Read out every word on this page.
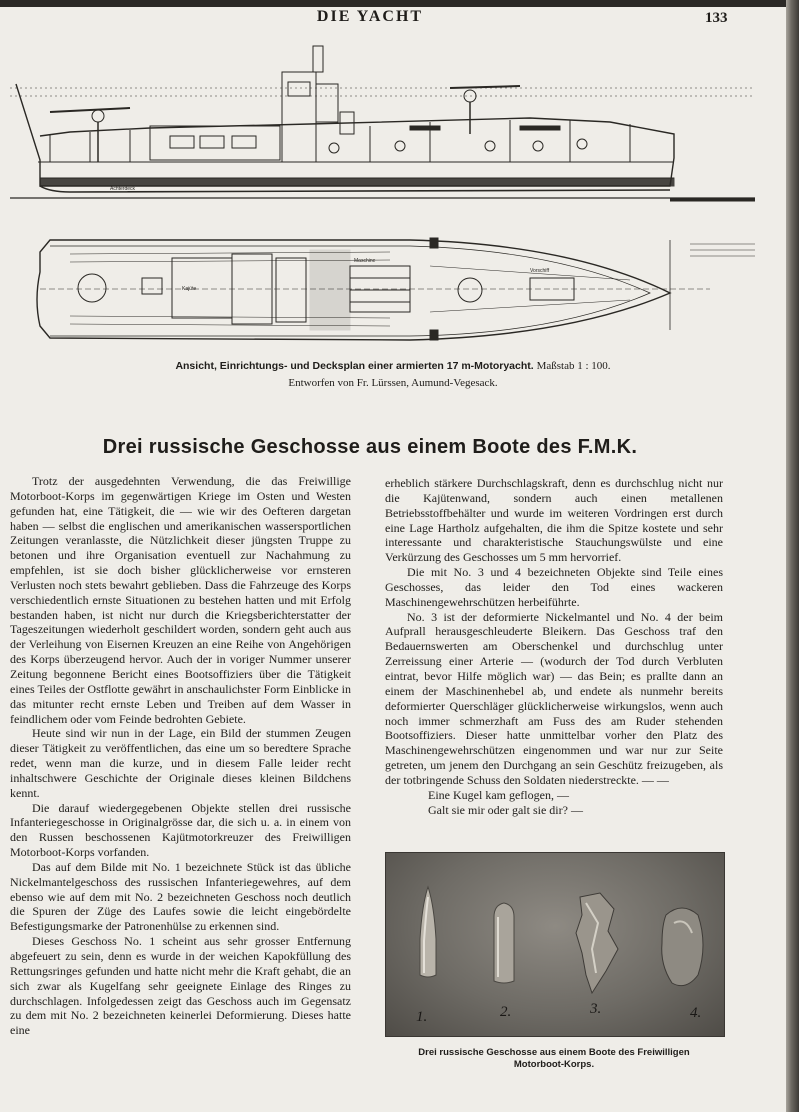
DIE YACHT	133
Achterdeck
Kajüte
Maschine
Vorschiff
Ansicht, Einrichtungs- und Decksplan einer armierten 17 m-Motoryacht. Maßstab 1 : 100.
Entworfen von Fr. Lürssen, Aumund-Vegesack.
Drei russische Geschosse aus einem Boote des F.M.K.

Trotz der ausgedehnten Verwendung, die das Freiwillige Motorboot-Korps im gegenwärtigen Kriege im Osten und Westen gefunden hat, eine Tätigkeit, die — wie wir des Oefteren dargetan haben — selbst die englischen und amerikanischen wassersportlichen Zeitungen veranlasste, die Nützlichkeit dieser jüngsten Truppe zu betonen und ihre Organisation eventuell zur Nachahmung zu empfehlen, ist sie doch bisher glücklicherweise vor ernsteren Verlusten noch stets bewahrt geblieben. Dass die Fahrzeuge des Korps verschiedentlich ernste Situationen zu bestehen hatten und mit Erfolg bestanden haben, ist nicht nur durch die Kriegsberichterstatter der Tageszeitungen wiederholt geschildert worden, sondern geht auch aus der Verleihung von Eisernen Kreuzen an eine Reihe von Angehörigen des Korps überzeugend hervor. Auch der in voriger Nummer unserer Zeitung begonnene Bericht eines Bootsoffiziers über die Tätigkeit eines Teiles der Ostflotte gewährt in anschaulichster Form Einblicke in das mitunter recht ernste Leben und Treiben auf dem Wasser in feindlichem oder vom Feinde bedrohten Gebiete.

Heute sind wir nun in der Lage, ein Bild der stummen Zeugen dieser Tätigkeit zu veröffentlichen, das eine um so beredtere Sprache redet, wenn man die kurze, und in diesem Falle leider recht inhaltschwere Geschichte der Originale dieses kleinen Bildchens kennt.

Die darauf wiedergegebenen Objekte stellen drei russische Infanteriegeschosse in Originalgrösse dar, die sich u. a. in einem von den Russen beschossenen Kajütmotorkreuzer des Freiwilligen Motorboot-Korps vorfanden.

Das auf dem Bilde mit No. 1 bezeichnete Stück ist das übliche Nickelmantelgeschoss des russischen Infanteriegewehres, auf dem ebenso wie auf dem mit No. 2 bezeichneten Geschoss noch deutlich die Spuren der Züge des Laufes sowie die leicht eingebördelte Befestigungsmarke der Patronenhülse zu erkennen sind.

Dieses Geschoss No. 1 scheint aus sehr grosser Entfernung abgefeuert zu sein, denn es wurde in der weichen Kapokfüllung des Rettungsringes gefunden und hatte nicht mehr die Kraft gehabt, die an sich zwar als Kugelfang sehr geeignete Einlage des Ringes zu durchschlagen. Infolgedessen zeigt das Geschoss auch im Gegensatz zu dem mit No. 2 bezeichneten keinerlei Deformierung. Dieses hatte eine

erheblich stärkere Durchschlagskraft, denn es durchschlug nicht nur die Kajütenwand, sondern auch einen metallenen Betriebsstoffbehälter und wurde im weiteren Vordringen erst durch eine Lage Hartholz aufgehalten, die ihm die Spitze kostete und sehr interessante und charakteristische Stauchungswülste und eine Verkürzung des Geschosses um 5 mm hervorrief.

Die mit No. 3 und 4 bezeichneten Objekte sind Teile eines Geschosses, das leider den Tod eines wackeren Maschinengewehrschützen herbeiführte.

No. 3 ist der deformierte Nickelmantel und No. 4 der beim Aufprall herausgeschleuderte Bleikern. Das Geschoss traf den Bedauernswerten am Oberschenkel und durchschlug unter Zerreissung einer Arterie — (wodurch der Tod durch Verbluten eintrat, bevor Hilfe möglich war) — das Bein; es prallte dann an einem der Maschinenhebel ab, und endete als nunmehr bereits deformierter Querschläger glücklicherweise wirkungslos, wenn auch noch immer schmerzhaft am Fuss des am Ruder stehenden Bootsoffiziers. Dieser hatte unmittelbar vorher den Platz des Maschinengewehrschützen eingenommen und war nur zur Seite getreten, um jenem den Durchgang an sein Geschütz freizugeben, als der totbringende Schuss den Soldaten niederstreckte. — —

Eine Kugel kam geflogen, —

Galt sie mir oder galt sie dir? —

1.	2.	3.	4.
Drei russische Geschosse aus einem Boote des Freiwilligen
Motorboot-Korps.
